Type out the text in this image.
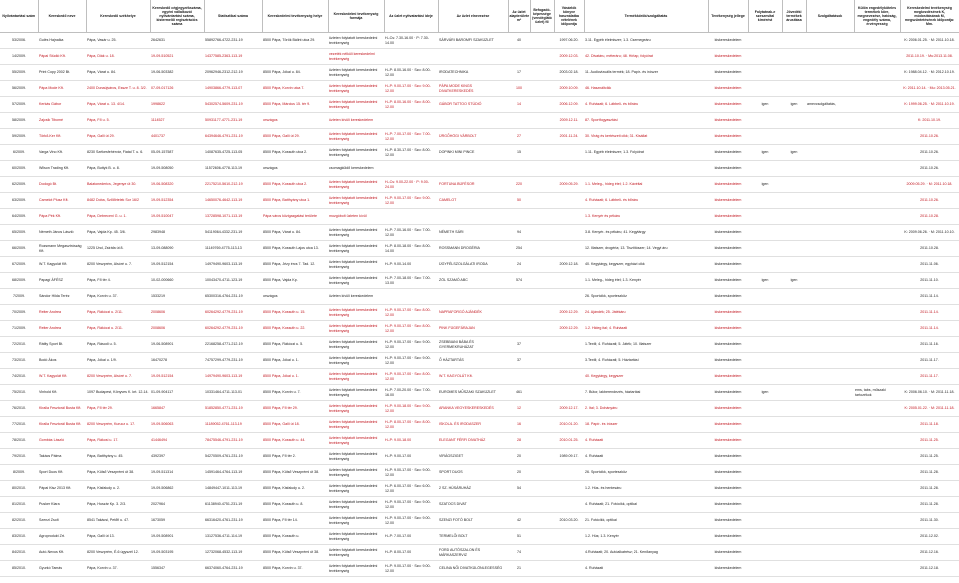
Nyilvántartási szám	Kereskedő neve	Kereskedő székhelye	Kereskedő cégjegyzékszáma, egyéni vállalkozói nyilvántartási száma, kistermelői regisztrációs száma	Statisztikai száma	Kereskedelmi tevékenység helye	Kereskedelmi tevékenység formája	Az üzlet nyitvatartási ideje	Az üzlet elnevezése	Az üzlet alapterülete m²	Befogadó-képessége (vendéglátó üzlet) fő	Vásárlók könyve használatba vételének időpontja	Termékkörök/szolgáltatás	Tevékenység jellege	Folytatnak-e szeszesital kimérést	Jövedéki termékek árusítása	Szolgáltatások	Külön engedélyköteles termékek köre, megnevezése, hatóság, engedély száma, érvényesség	Kereskedelmi tevékenység megkezdésének K, módosításának M, megszüntetésének időpontja: Mm.
53/2006.	Gulés Hajnalka	Pápa, Vasár u. 25.	2642631	55892766-4722-231-19	8500 Pápa, Török Bálint utca 29.	üzleten folytatott kereskedelmi tevékenység	H–Cs: 7.30-16.00 · P: 7.30-14.00	SÁRVÁRI BAROMFI SZAKÜZLET	40		1997.06.20.	3.11. Egyéb élelmiszer; 1.3. Csemegeáru	kiskereskedelem					K: 2006.01.25. · M: 2011.10.18.
14/2009.	Pápai Stúdió Kft.	Pápa, Diák u. 18.	19-09-510521	14377585-2363-113-19		vezeték nélküli kereskedelmi tevékenység					2009.12.03.	42. Divatáru, méteráru; 48. Hírlap, folyóirat	kiskereskedelem					2011.10.19. · Mu:2013.11.08.
55/2009.	Print Copy 2002 Bt.	Pápa, Várat u. 84.	19-06-503382	20962946-2312-212-19	8500 Pápa, Jókai u. 84.	üzleten folytatott kereskedelmi tevékenység	H–P: 8.00-16.00 · Szo: 8.00-12.00	IRODATECHNIKA	17		2003.02.18.	11. Audiovizuális termék; 18. Papír- és írószer	kiskereskedelem					K: 1988.04.12. · M: 2012.10.19.
56/2009.	Pápa Mode Kft.	2400 Dunaújváros, Essze T. u. 8. 3/2.	07-09-017126	14903866-4779-113-07	8500 Pápa, Korvin utca 7.	üzleten folytatott kereskedelmi tevékenység	H–P: 9.00-17.00 · Szo: 9.00-12.00	PÁPA MODE KINGS DIVATKERESKEDÉS	100		2009.10.09.	46. Használtcikk	kiskereskedelem					K: 2011.10.14. · Mu: 2013.05.21.
57/2009.	Kerkás Gábor	Pápa, Várat u. 13. 4/14.	1998622	54302574-5609-231-19	8500 Pápa, Március 15. tér 9.	üzleten folytatott kereskedelmi tevékenység	H–P: 8.00-16.00 · Szo: 8.00-12.00	GÁBOR TATTOO STÚDIÓ	14		2006.12.09.	4. Ruházati; 6. Lábbeli- és bőráru	kiskereskedelem	igen	igen	amevcsolgáltatás,		K: 1999.06.25. · M: 2011.10.19.
58/2009.	Zajcsik Tibomé	Pápa, Fő u. 5.	1114527	50931177-4771-231-19	országos	üzleten kívüli kereskedelem					2009.12.11.	87. Sportfogyasztási	kiskereskedelem					K: 2011.10.19.
59/2009.	Törkő-Ker Kft.	Pápa, Galli út 29.	4401737	64394646-4791-231-19	8500 Pápa, Galli út 29.	üzleten folytatott kereskedelmi tevékenység	H–P: 7.00-17.00 · Szo: 7.00-12.00	ÜRGŐHÖGI VÁRBOLT	27		2001.11.24.	30. Virág és kertészeti cikk; 31. Kisállat	kiskereskedelem					2011.10.26.
6/2009.	Varga Vino Kft.	8230 Székesfehérvár, Fiatal T. u. 6.	05-09-157587	14087635-4725-113-05	8500 Pápa, Kossuth utca 2.	üzleten folytatott kereskedelmi tevékenység	H–P: 8.30-17.00 · Szo: 8.00-12.00	DOPINKI MINI PINCE	15			1.11. Egyéb élelmiszer; 1.3. Folyóirat	kiskereskedelem	igen	igen			2011.10.26.
60/2009.	Wilson Trading Kft.	Pápa, Buttyk B. u. 8.	19-09-508050	11572606-4778-113-19	országos	csomagküldő kereskedelem							kiskereskedelem					2011.10.26.
62/2009.	Dodogó Bt.	Balatonederics, Jegenye út 30.	19-06-508320	22175210-5610-212-19	8500 Pápa, Kossuth utca 2.	üzleten folytatott kereskedelmi tevékenység	H–Cs: 9.00-22.00 · P: 9.00-24.00	FORTUNA BÜFÉSOR	220		2009.05.29.	1.1. Meleg-, hideg étel; 1.2. Kávéital	kiskereskedelem	igen				2009.05.29. · M: 2011.10.18.
63/2009.	Camelot Plusz Kft.	8482 Doba, Szőlőrtelek Sor 16/2	19-09-512354	14650076-4642-113-19	8500 Pápa, Batthyány utca 1.	üzleten folytatott kereskedelmi tevékenység	H–P: 9.00-17.00 · Szo: 9.00-12.00	CAMELOT	50			4. Ruházati; 6. Lábbeli- és bőráru	kiskereskedelem					2011.10.26.
64/2009.	Pápa Pék Kft.	Pápa, Debreceni G. u. 1.	19-09-510047	13728598-1071-113-19	Pápa város közigazgatási területe	mozgóbolt üzleten kívül						1.3. Kenyér és pékáru	kiskereskedelem					2011.10.28.
65/2009.	Németh János László	Pápa, Vajda Kp. 45. 3/6.	2983948	54119064-4332-231-19	8500 Pápa, Várat u. 84.	üzleten folytatott kereskedelmi tevékenység	H–P: 7.00-16.00 · Szo: 7.00-12.00	NÉMETH SÁRI	94			3.8. Kenyér- és pékáru; 41. Kegytárgy	kiskereskedelem					K: 2009.06.26. · M: 2011.10.10.
66/2009.	Rozsmann Megasztrószág Kft.	1225 Ünd, Zsiráfa út 8.	13-09-088090	11149769-4775-113-13	8500 Pápa, Kossuth Lajos utca 13.	üzleten folytatott kereskedelmi tevékenység	H–P: 8.00-18.00 · Szo: 8.00-14.00	ROSSMANN DROGÉRIA	254			12. Illatszer, drogéria; 13. Tisztítószer; 14. Vegyi áru	kiskereskedelem					2011.10.28.
67/2009.	W.T. Kagyolát Kft.	8200 Veszprém, Alsóré u. 7.	19-09-512154	14979490-9603-113-19	8500 Pápa, Jézy ércs 7. Tad. 12.	üzleten folytatott kereskedelmi tevékenység	H–P: 9.00-14.00	ÜGYFÉLSZOLGÁLATI IRODA	24		2009.12.18.	40. Kegytárgy, kegyszer, egyházi cikk	kiskereskedelem					2011.11.06.
68/2009.	Papagí ÁFÉSZ	Pápa, Fő tér 4.	10-02-000660	10043470-4711-123-19	8500 Pápa, Vajda Kp.	üzleten folytatott kereskedelmi tevékenység	H–P: 7.00-18.00 · Szo: 7.00-13.00	ZÖL SZAMÓ ABC	574			1.1. Meleg-, hideg étel; 1.3. Kenyér	kiskereskedelem	igen	igen			2011.11.10.
7/2009.	Sándor Hilda Teréz	Pápa, Korvin u. 37.	1533219	65300316-4764-231-19	országos	üzleten kívüli kereskedelem						26. Sportcikk, sporteszköz	kiskereskedelem					2011.11.14.
70/2009.	Reiter Andrea	Pápa, Rákóczi u. 2/11.	2008606	60264292-4779-231-19	8500 Pápa, Kossuth u. 15.	üzleten folytatott kereskedelmi tevékenység	H–P: 9.00-17.00 · Szo: 8.00-12.00	NAPRAFORGÓ AJÁNDÉK			2009.12.29.	24. Ajándék; 25. Játékáru	kiskereskedelem					2011.11.14.
71/2009.	Reiter Andrea	Pápa, Rákóczi u. 2/11.	2008606	60264292-4779-231-19	8500 Pápa, Kossuth u. 22.	üzleten folytatott kereskedelmi tevékenység	H–P: 9.00-17.00 · Szo: 8.00-12.00	PINK FÜGEFÁRAJAN			2009.12.29.	1.2. Hideg ital; 4. Ruházati	kiskereskedelem					2011.11.14.
72/2010.	Rátity Sport Bt.	Pápa, Rásodi u. 5.	19-06-508901	22168258-4771-212-19	8500 Pápa, Rákóczi u. 5.	üzleten folytatott kereskedelmi tevékenység	H–P: 9.00-17.00 · Szo: 9.00-12.00	ZSEBBIANI BÁBA ÉS GYERMEKRUHÁZAT	37			1.Textil; 4. Ruházati; 5. Játék; 10. Illatszer	kiskereskedelem					2011.11.16.
73/2010.	Bodó Ákos	Pápa, Jókai u. 1/9.	16470278	74757299-4779-231-19	8500 Pápa, Jókai u. 1.	üzleten folytatott kereskedelmi tevékenység	H–P: 9.00-17.00 · Szo: 9.00-12.00	Ő HÁZTARTÁS	37			3.Textil; 4. Ruházati; 5. Háztartási	kiskereskedelem					2011.11.17.
74/2010.	W.T. Kagyolát Kft.	8200 Veszprém, Alsóré u. 7.	19-09-512154	14979490-9603-113-19	8500 Pápa, Jókai u. 1.	üzleten folytatott kereskedelmi tevékenység	H–P: 9.00-17.00 · Szo: 8.00-12.00	W.T. KAGYOLÁT Kft.				40. Kegytárgy, kegyszer	kiskereskedelem					2011.11.17.
75/2010.	Vinhold Kft.	1097 Budapest, Könyves K. krt. 12-14.	01-09-904117	10331464-4711-113-01	8500 Pápa, Korvin u. 7.	üzleten folytatott kereskedelmi tevékenység	H–P: 7.00-20.00 · Szo: 7.00-16.00	EUROMES MŰSZAKI SZAKÜZLET	461			7. Bútor, lakberendezés, háztartási	kiskereskedelem	igen			ems, tabs, műszaki tartozékok	K: 2006.06.10. · M: 2011.11.18.
76/2010.	Kiralla Fesztorál Busta Kft.	Pápa, Fő tér 29.	1665847	51852850-4771-231-19	8500 Pápa, Fő tér 29.	üzleten folytatott kereskedelmi tevékenység	H–P: 9.00-18.00 · Szo: 9.00-12.00	ARANKA VEGYESKERESKEDÉS	12		2009.12.17.	2. Ital; 3. Dohányáru	kiskereskedelem					K: 2005.01.22. · M: 2011.11.18.
77/2010.	Kiralla Fesztorál Busta Kft.	8200 Veszprém, Kurucz u. 17.	19-09-506063	11189052-4761-113-19	8500 Pápa, Galli út 18.	üzleten folytatott kereskedelmi tevékenység	H–P: 8.00-17.00 · Szo: 8.00-12.00	ISKOLA- ÉS IRODASZER	16		2010.01.20.	18. Papír- és írószer	kiskereskedelem					2011.11.18.
78/2010.	Gombás László	Pápa, Rákosi u. 17.	41446494	78475546-4791-231-19	8500 Pápa, Kossuth u. 44.	üzleten folytatott kereskedelmi tevékenység	H–P: 9.00-18.00	ELEGANT FÉRFI DIVATHÁZ	28		2010.01.25.	4. Ruházati	kiskereskedelem					2011.11.25.
79/2010.	Takács Pálma	Pápa, Batthyány u. 45.	4392397	54270509-4761-231-19	8500 Pápa, Fő tér 2.	üzleten folytatott kereskedelmi tevékenység	H–P: 9.00-17.00	VIRÁGSZIGET	20		1989.09.17.	4. Ruházati	kiskereskedelem					2011.11.25.
8/2009.	Sport Duos Kft.	Pápa, Külső Veszprémi út 38.	19-09-511314	14591464-4764-113-19	8500 Pápa, Külső Veszprémi út 38.	üzleten folytatott kereskedelmi tevékenység	H–P: 9.00-17.00 · Szo: 9.00-12.00	SPORT DUOS	20			26. Sportcikk, sporteszköz	kiskereskedelem					2011.11.28.
80/2010.	Pápai Kisz 2013 Kft.	Pápa, Kisfaludy u. 2.	19-09-506862	14849447-1011-113-19	8500 Pápa, Kisfaludy u. 2.	üzleten folytatott kereskedelmi tevékenység	H–P: 6.00-17.00 · Szo: 6.00-12.00	2 SZ. HÚSÁRUHÁZ	54			1.2. Hús- és hentesáru	kiskereskedelem					2011.11.28.
81/2010.	Pusker Klara	Pápa, Huszár Kp. 3. 2/3.	2027964	61138940-4751-231-19	8500 Pápa, Kossuth u. 8.	üzleten folytatott kereskedelmi tevékenység	H–P: 9.00-17.00 · Szo: 9.00-12.00	SZATOCS DIVAT				4. Ruházati; 21. Fotócikk, optikai	kiskereskedelem					2011.11.28.
82/2010.	Szenzi Zsolt	8541 Takácsi, Petőfi u. 47.	1673059	66316420-4761-231-19	8500 Pápa, Fő tér 14.	üzleten folytatott kereskedelmi tevékenység	H–P: 9.00-17.00 · Szo: 9.00-12.00	SZENZI FOTÓ BOLT	42		2010.03.20.	21. Fotócikk, optikai	kiskereskedelem					2011.11.30.
83/2010.	Agroprodukt Zrt.	Pápa, Galli út 13.	19-09-508901	13127536-4711-114-19	8500 Pápa, Kossuth u.	üzleten folytatott kereskedelmi tevékenység	H–P: 7.00-17.00	TERMELŐI BOLT	51			1.2. Hús; 1.3. Kenyér	kiskereskedelem					2011.12.02.
84/2010.	Autó-Nexus Kft.	8200 Veszprém, É-6 úgyszél 12.	19-09-503195	12732068-4532-113-19	8500 Pápa, Külső Veszprémi út 38.	üzleten folytatott kereskedelmi tevékenység	H–P: 8.00-17.00	FORD AUTÓSZALON ÉS MÁRKASZERVIZ	74			4.Ruházati; 20. Autóalkatrész; 21. Kenőanyag	kiskereskedelem					2011.12.16.
85/2010.	Gyurkó Tamás	Pápa, Korvin u. 37.	1556347	66374060-4764-231-19	8500 Pápa, Korvin u. 37.	üzleten folytatott kereskedelmi tevékenység	H–P: 9.00-17.00 · Szo: 9.00-12.00	CELINA NŐI DIVATKÜLÖNLEGESSÉG	21			4. Ruházati	kiskereskedelem					2011.12.18.
